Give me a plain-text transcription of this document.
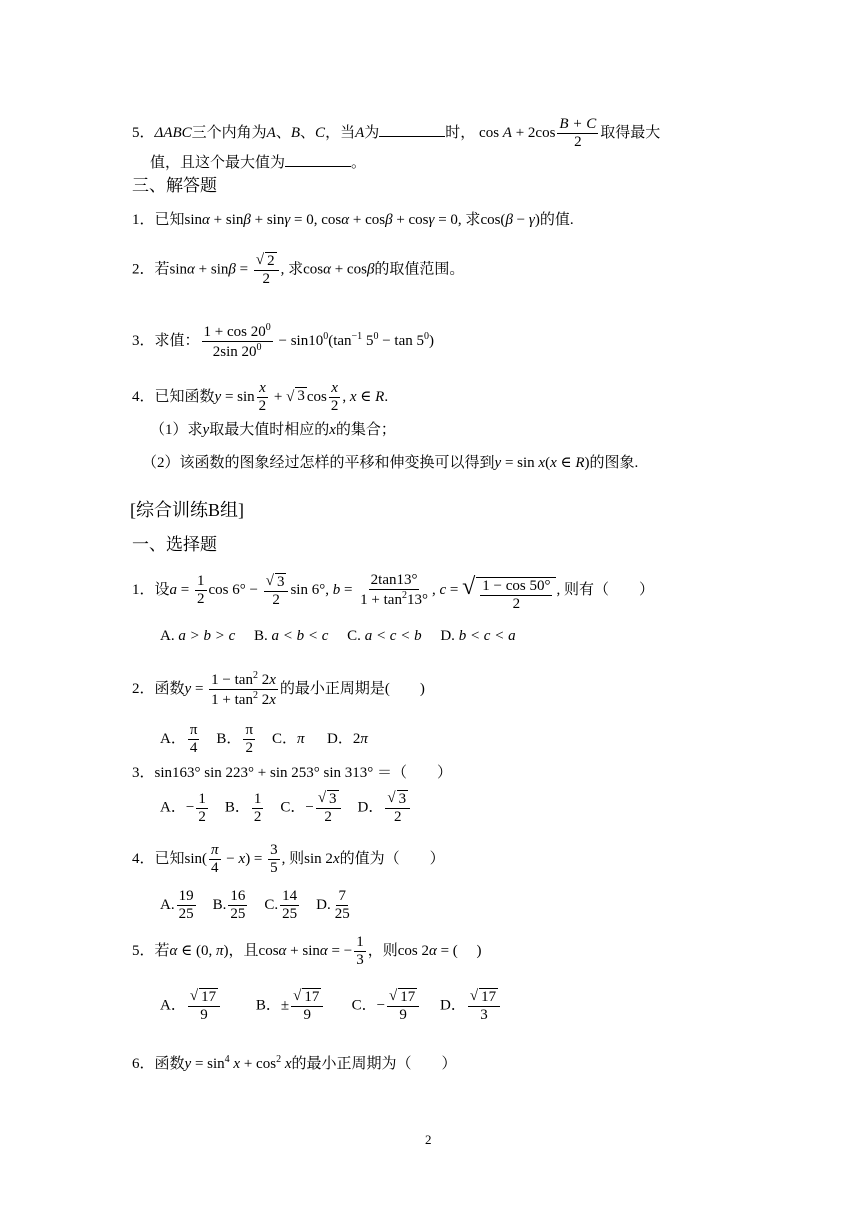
5．ΔABC三个内角为A、B、C，当A为	时， $\cos A + 2\cos \frac{B + C}{2}$ 取得最大
值，且这个最大值为	。
三、解答题
1．已知sinα + sinβ + sinγ = 0, cosα + cosβ + cosγ = 0, 求cos(β − γ)的值.
2．若$\sin\alpha + \sin\beta = \frac{√ 2}{2}$ , 求cosα + cosβ的取值范围。
3．求值： $\frac{1 + \cos 20^0}{2\sin 20^0} - \sin 10^0(\tan^{-1}$ $5^0 - \tan 5^0$)
4．已知函数$y = \sin \frac{x}{2}$ + √ 3 $\cos \frac{x}{2}$ , x ∈ R.
（1）求y取最大值时相应的x的集合；
（2）该函数的图象经过怎样的平移和伸变换可以得到y = sin x(x ∈ R)的图象.
[综合训练B组]
一、选择题
1．设$a = \frac{1}{2}$ $\cos 6^\circ - \frac{√ 3}{2}$ sin 6°, $b = \frac{2\tan 13^\circ}{1 + \tan^213^\circ}$ , c = √ $\frac{1 - \cos 50^\circ}{2}$ , 则有（　　）
A. a > b > c B. a < b < c C. a < c < b D. b < c < a
2．函数$y = \frac{1 - \tan^2 2x}{1 + \tan^2 2x}$ 的最小正周期是(　　)
A． $\frac{\pi}{4}$ B． $\frac{\pi}{2}$ C．π D．2π
3．sin163° sin 223° + sin 253° sin 313° ＝（　　）
A．− $\frac{1}{2}$ B． $\frac{1}{2}$ C．− $\frac{√ 3}{2}$ D． $\frac{√ 3}{2}$
4．已知$\sin( \frac{\pi}{4} - x) = \frac{3}{5}$ , 则sin 2x的值为（　　）
A. $\frac{19}{25} B$. $\frac{16}{25} C$. $\frac{14}{25} D$. $\frac{7}{25}$
5．若α ∈ (0, π)，且cosα + sinα = − $\frac{1}{3}$ ，则cos 2α = (     )
A． $\frac{√ 17}{9}$ B．± $\frac{√ 17}{9}$ C．− $\frac{√ 17}{9}$ D． $\frac{√ 17}{3}$
6．函数$y = \sin^4 x + \cos^2 x$的最小正周期为（　　）
2
